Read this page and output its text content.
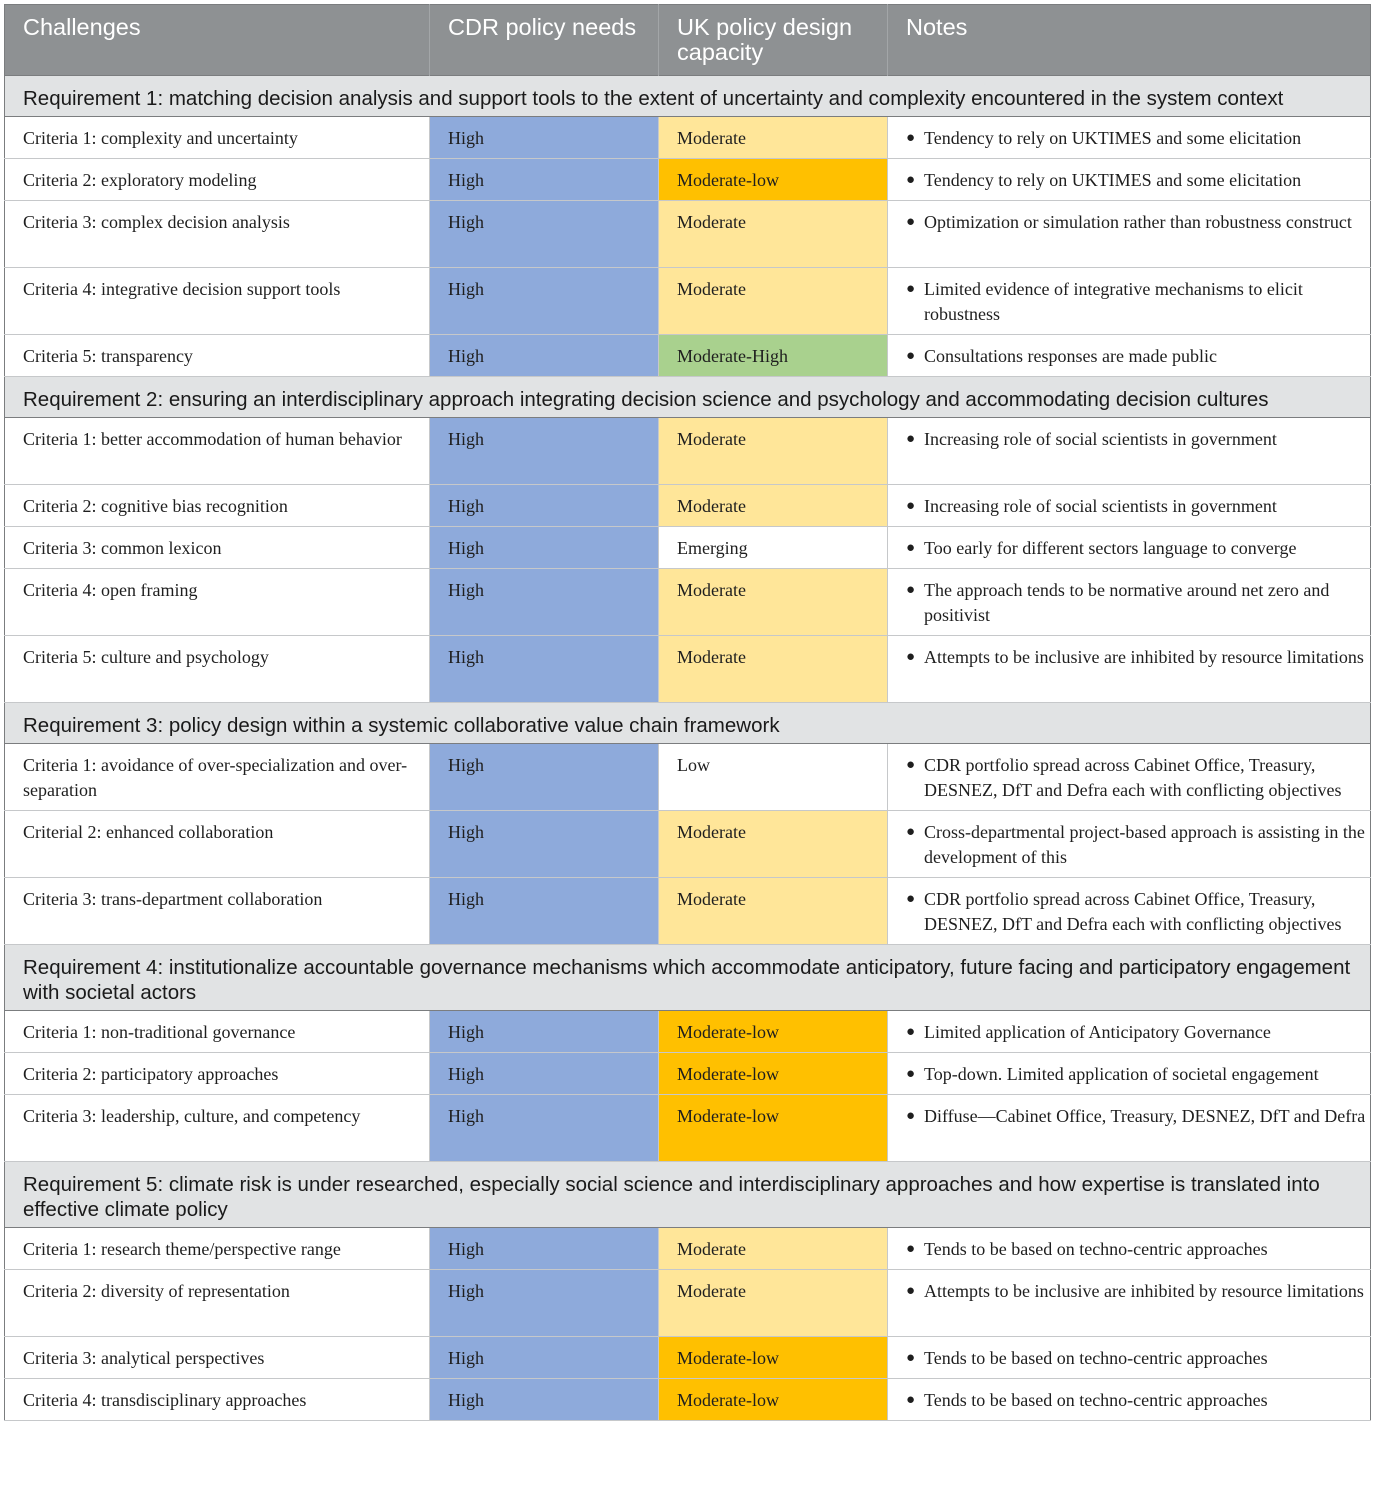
Challenges	CDR policy needs	UK policy design capacity	Notes
Requirement 1: matching decision analysis and support tools to the extent of uncertainty and complexity encountered in the system context			
Criteria 1: complexity and uncertainty	High	Moderate	● Tendency to rely on UKTIMES and some elicitation

Criteria 2: exploratory modeling	High	Moderate-low	● Tendency to rely on UKTIMES and some elicitation

Criteria 3: complex decision analysis	High	Moderate	● Optimization or simulation rather than robustness construct

Criteria 4: integrative decision support tools	High	Moderate	● Limited evidence of integrative mechanisms to elicit robustness

Criteria 5: transparency	High	Moderate-High	● Consultations responses are made public

Requirement 2: ensuring an interdisciplinary approach integrating decision science and psychology and accommodating decision cultures			
Criteria 1: better accommodation of human behavior	High	Moderate	● Increasing role of social scientists in government

Criteria 2: cognitive bias recognition	High	Moderate	● Increasing role of social scientists in government

Criteria 3: common lexicon	High	Emerging	● Too early for different sectors language to converge

Criteria 4: open framing	High	Moderate	● The approach tends to be normative around net zero and positivist

Criteria 5: culture and psychology	High	Moderate	● Attempts to be inclusive are inhibited by resource limitations

Requirement 3: policy design within a systemic collaborative value chain framework			
Criteria 1: avoidance of over-specialization and over-separation	High	Low	● CDR portfolio spread across Cabinet Office, Treasury, DESNEZ, DfT and Defra each with conflicting objectives

Criterial 2: enhanced collaboration	High	Moderate	● Cross-departmental project-based approach is assisting in the development of this

Criteria 3: trans-department collaboration	High	Moderate	● CDR portfolio spread across Cabinet Office, Treasury, DESNEZ, DfT and Defra each with conflicting objectives

Requirement 4: institutionalize accountable governance mechanisms which accommodate anticipatory, future facing and participatory engagement with societal actors			
Criteria 1: non-traditional governance	High	Moderate-low	● Limited application of Anticipatory Governance

Criteria 2: participatory approaches	High	Moderate-low	● Top-down. Limited application of societal engagement

Criteria 3: leadership, culture, and competency	High	Moderate-low	● Diffuse—Cabinet Office, Treasury, DESNEZ, DfT and Defra

Requirement 5: climate risk is under researched, especially social science and interdisciplinary approaches and how expertise is translated into effective climate policy			
Criteria 1: research theme/perspective range	High	Moderate	● Tends to be based on techno-centric approaches

Criteria 2: diversity of representation	High	Moderate	● Attempts to be inclusive are inhibited by resource limitations

Criteria 3: analytical perspectives	High	Moderate-low	● Tends to be based on techno-centric approaches

Criteria 4: transdisciplinary approaches	High	Moderate-low	● Tends to be based on techno-centric approaches
